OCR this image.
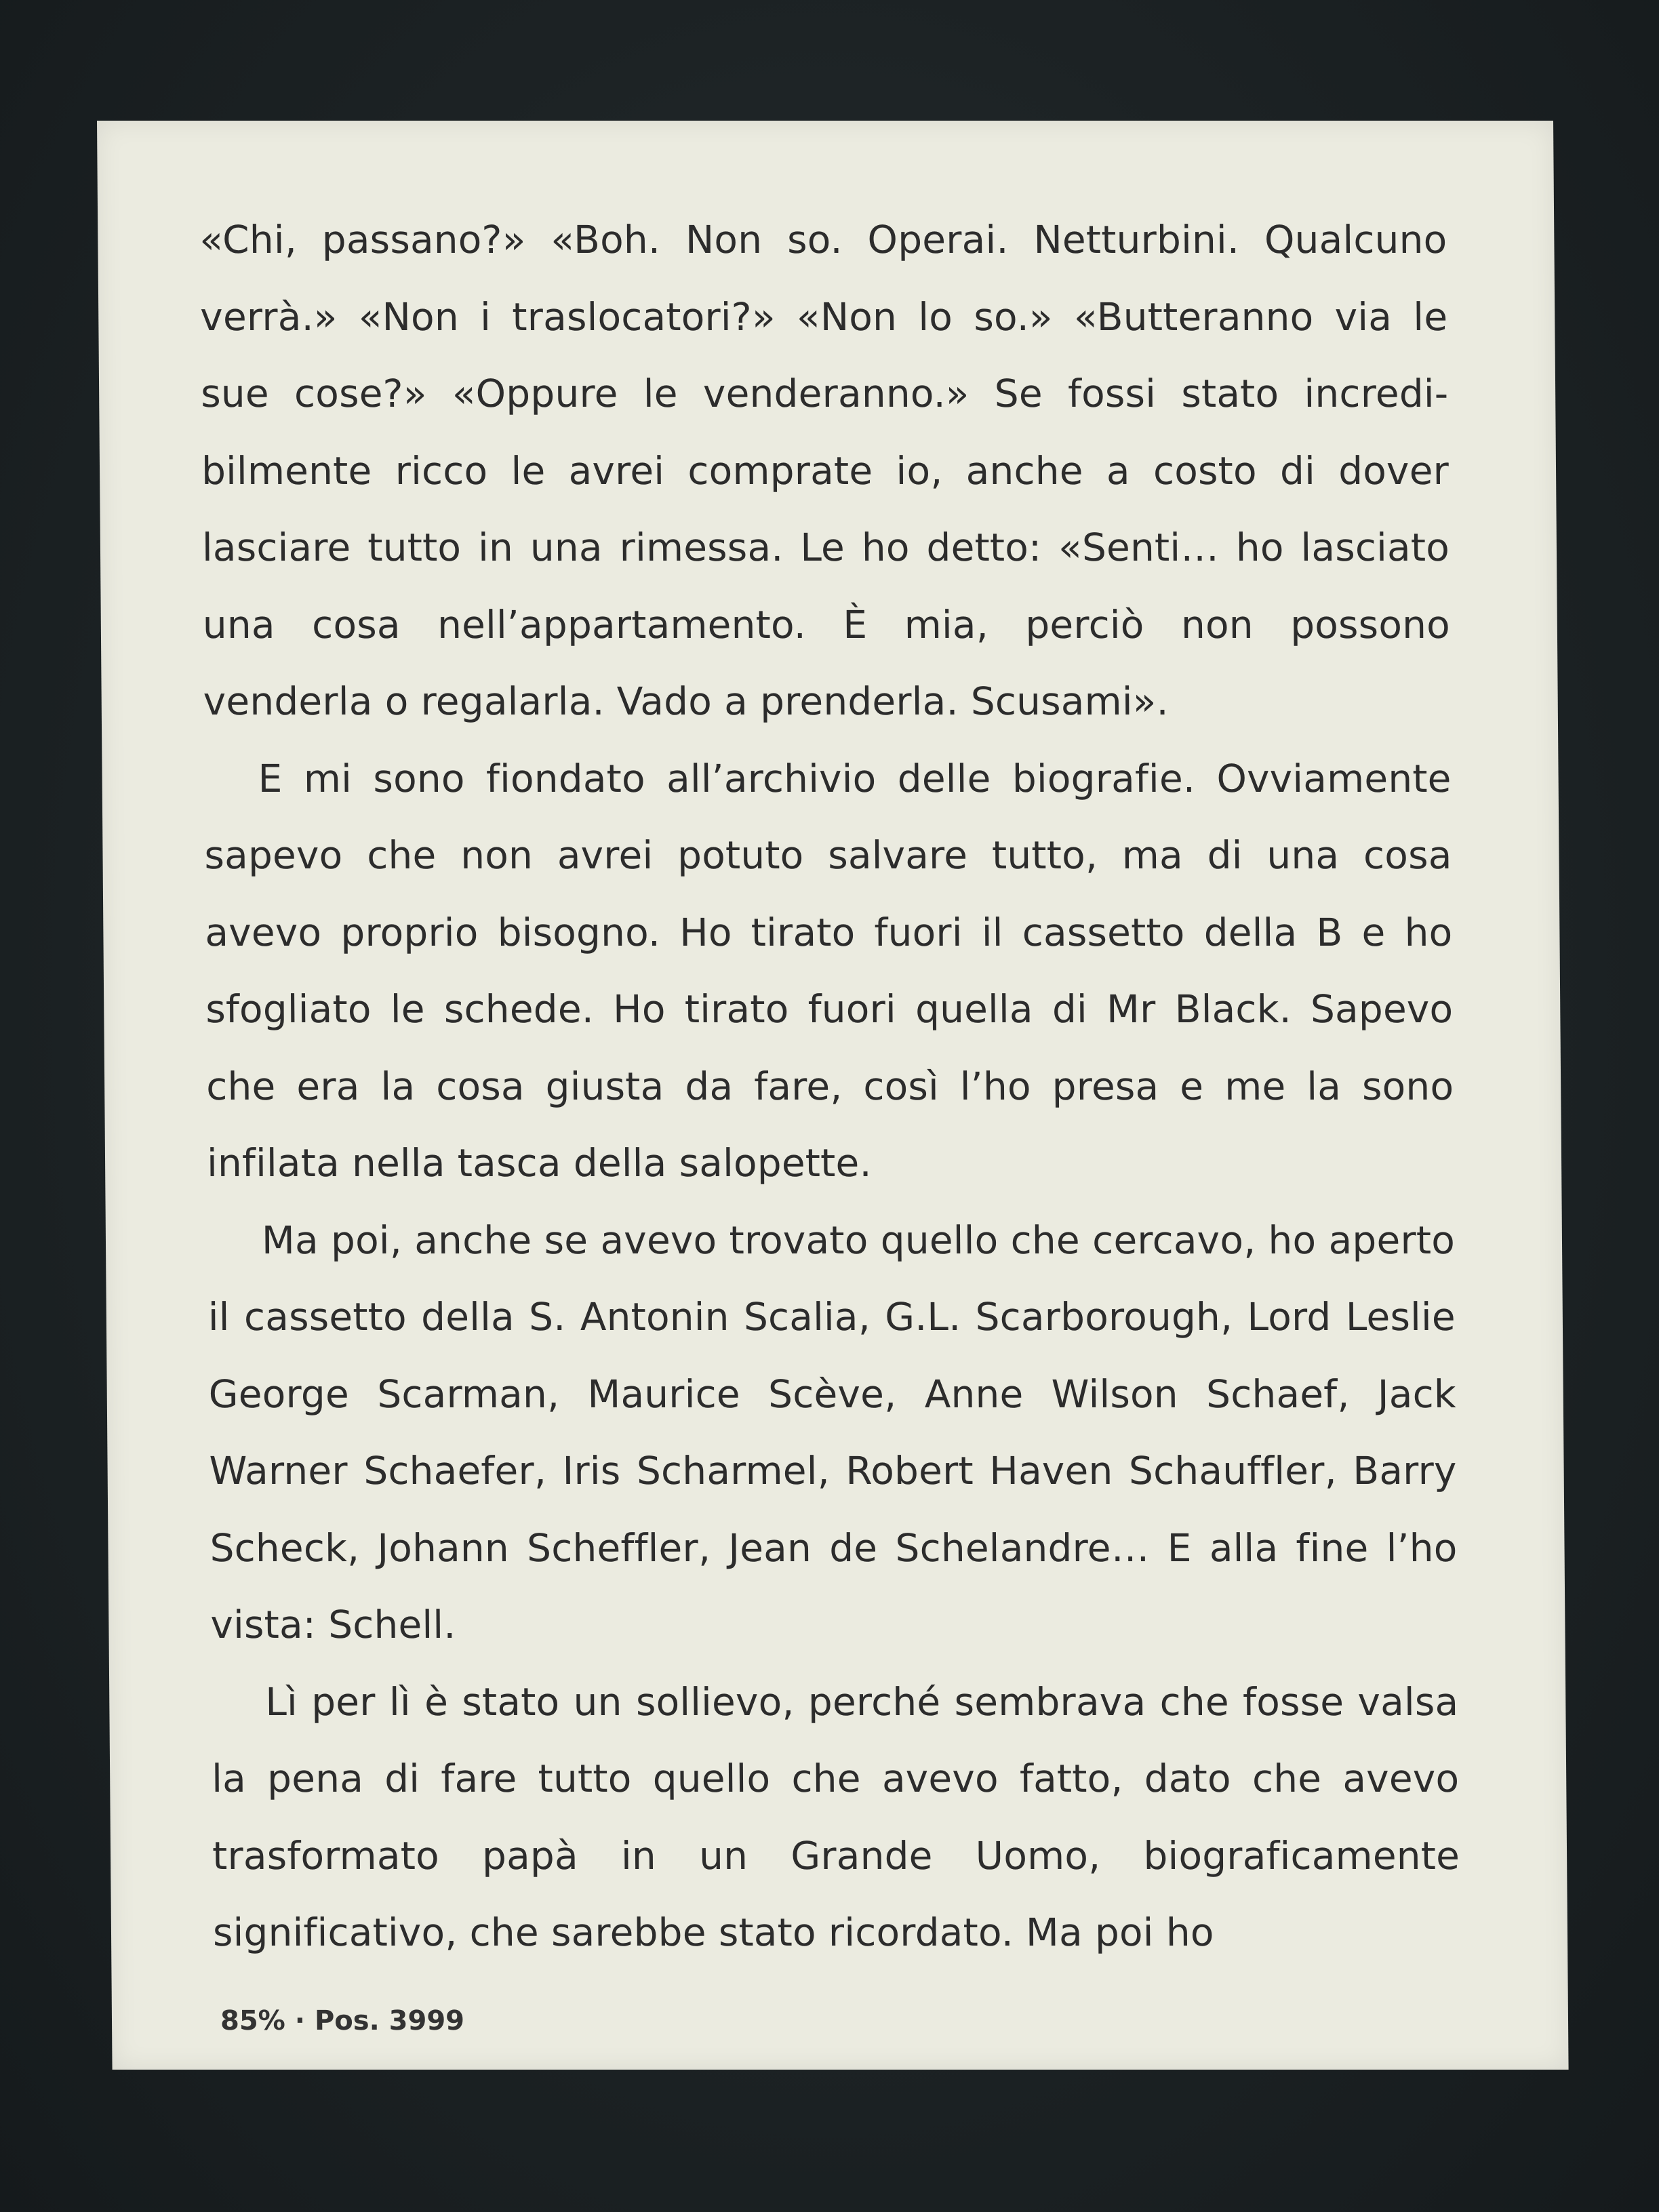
«Chi, passano?» «Boh. Non so. Operai. Netturbini. Qualcuno verrà.» «Non i traslocatori?» «Non lo so.» «Butteranno via le sue cose?» «Oppure le venderanno.» Se fossi stato incredibilmente ricco le avrei comprate io, anche a costo di dover lasciare tutto in una rimessa. Le ho detto: «Senti… ho lasciato una cosa nell’appartamento. È mia, perciò non possono venderla o regalarla. Vado a prenderla. Scusami».

E mi sono fiondato all’archivio delle biografie. Ovviamente sapevo che non avrei potuto salvare tutto, ma di una cosa avevo proprio bisogno. Ho tirato fuori il cassetto della B e ho sfogliato le schede. Ho tirato fuori quella di Mr Black. Sapevo che era la cosa giusta da fare, così l’ho presa e me la sono infilata nella tasca della salopette.

Ma poi, anche se avevo trovato quello che cercavo, ho aperto il cassetto della S. Antonin Scalia, G.L. Scarborough, Lord Leslie George Scarman, Maurice Scève, Anne Wilson Schaef, Jack Warner Schaefer, Iris Scharmel, Robert Haven Schauffler, Barry Scheck, Johann Scheffler, Jean de Schelandre… E alla fine l’ho vista: Schell.

Lì per lì è stato un sollievo, perché sembrava che fosse valsa la pena di fare tutto quello che avevo fatto, dato che avevo trasformato papà in un Grande Uomo, biograficamente significativo, che sarebbe stato ricordato. Ma poi ho

85% · Pos. 3999
